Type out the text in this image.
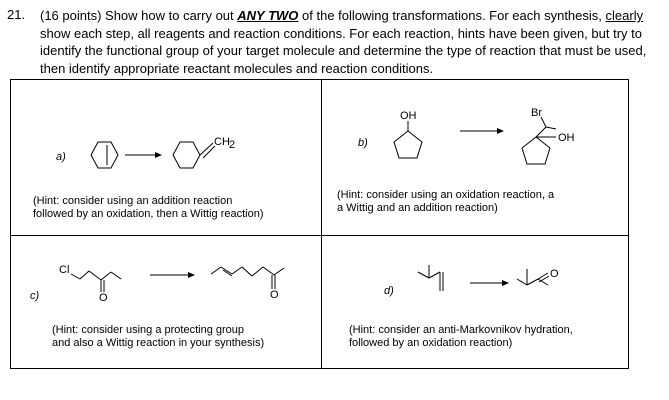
21. (16 points) Show how to carry out ANY TWO of the following transformations. For each synthesis, clearly show each step, all reagents and reaction conditions. For each reaction, hints have been given, but try to identify the functional group of your target molecule and determine the type of reaction that must be used, then identify appropriate reactant molecules and reaction conditions.
CH 2
OH	Br
OH
Cl
O	O
O
a)
b)
c)	d)
(Hint: consider using an addition reaction
followed by an oxidation, then a Wittig reaction)
(Hint: consider using an oxidation reaction, a
a Wittig and an addition reaction)
(Hint: consider using a protecting group
and also a Wittig reaction in your synthesis)
(Hint: consider an anti-Markovnikov hydration,
followed by an oxidation reaction)
